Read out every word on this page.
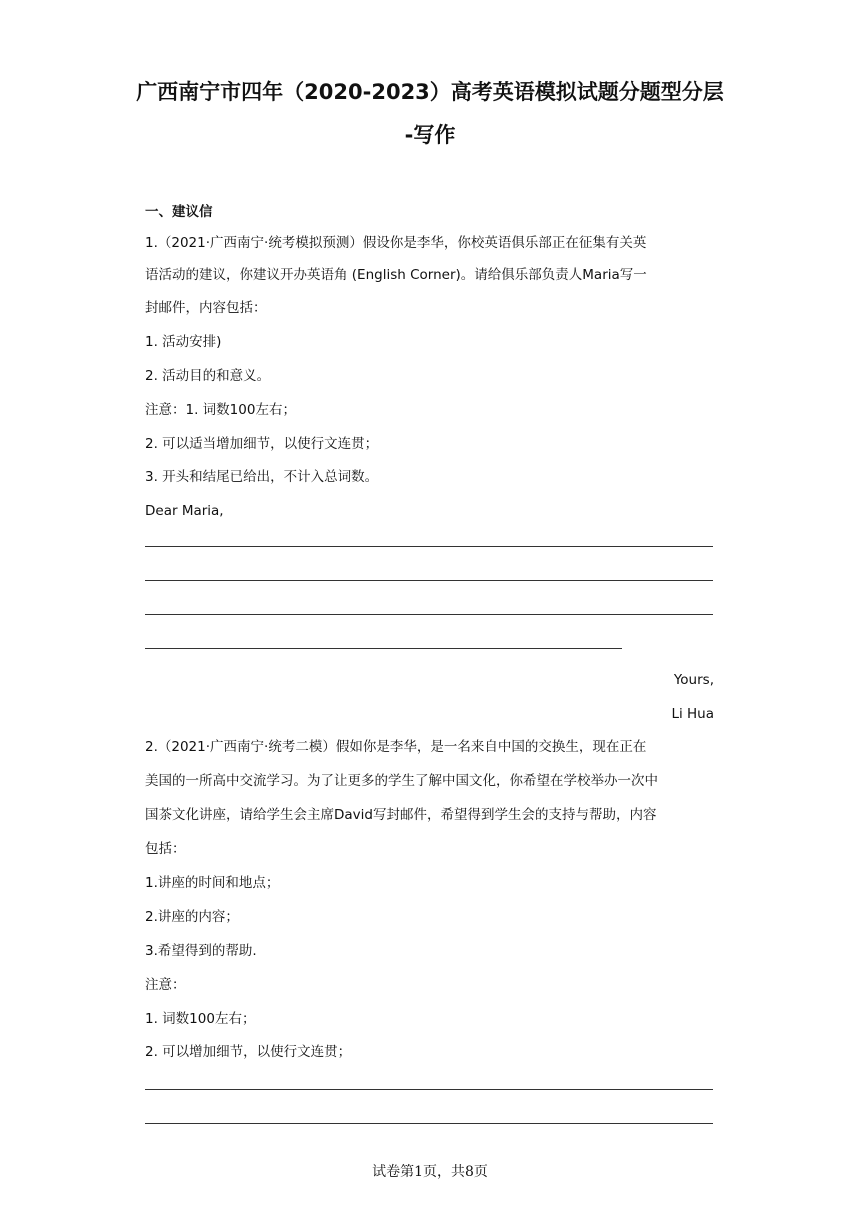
广西南宁市四年（2020-2023）高考英语模拟试题分题型分层
-写作
一、建议信
1.（2021·广西南宁·统考模拟预测）假设你是李华，你校英语俱乐部正在征集有关英
语活动的建议，你建议开办英语角 (English Corner)。请给俱乐部负责人Maria写一
封邮件，内容包括：
1. 活动安排)
2. 活动目的和意义。
注意：1. 词数100左右；
2. 可以适当增加细节，以使行文连贯；
3. 开头和结尾已给出，不计入总词数。
Dear Maria,
Yours,
Li Hua
2.（2021·广西南宁·统考二模）假如你是李华，是一名来自中国的交换生，现在正在
美国的一所高中交流学习。为了让更多的学生了解中国文化，你希望在学校举办一次中
国茶文化讲座，请给学生会主席David写封邮件，希望得到学生会的支持与帮助，内容
包括：
1.讲座的时间和地点；
2.讲座的内容；
3.希望得到的帮助.
注意：
1. 词数100左右；
2. 可以增加细节，以使行文连贯；
试卷第1页，共8页
